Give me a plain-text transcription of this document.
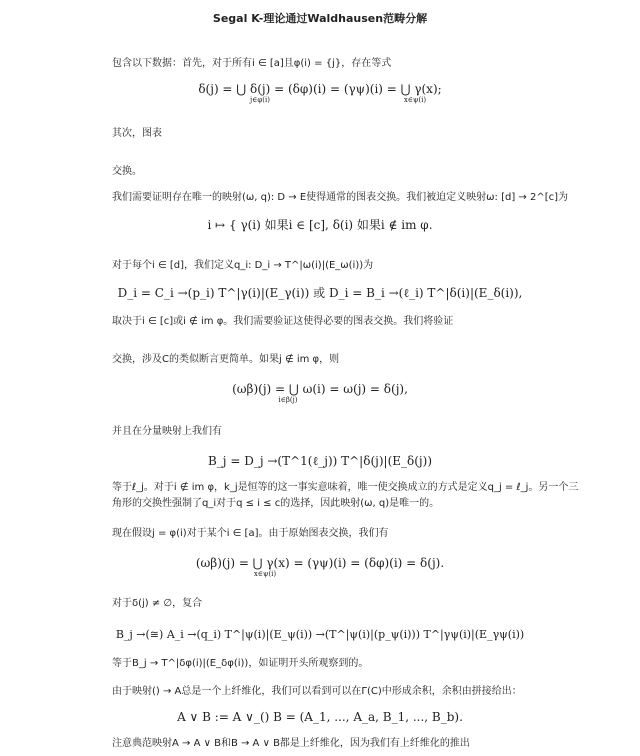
Segal K-理论通过Waldhausen范畴分解
包含以下数据：首先，对于所有i ∈ [a]且φ(i) = {j}，存在等式
δ(j) = ⋃ δ(j) = (δφ)(i) = (γψ)(i) = ⋃ γ(x);
j∈φ(i)	x∈ψ(i)
其次，图表
交换。
我们需要证明存在唯一的映射(ω, q): D → E使得通常的图表交换。我们被迫定义映射ω: [d] → 2^[c]为
i ↦ { γ(i) 如果i ∈ [c], δ(i) 如果i ∉ im φ.
对于每个i ∈ [d]，我们定义q_i: D_i → T^|ω(i)|(E_ω(i))为
D_i = C_i →(p_i) T^|γ(i)|(E_γ(i)) 或 D_i = B_i →(ℓ_i) T^|δ(i)|(E_δ(i)),
取决于i ∈ [c]或i ∉ im φ。我们需要验证这使得必要的图表交换。我们将验证
交换，涉及C的类似断言更简单。如果j ∉ im φ，则
(ωβ)(j) = ⋃ ω(i) = ω(j) = δ(j),
i∈β(j)
并且在分量映射上我们有
B_j = D_j →(T^1(ℓ_j)) T^|δ(j)|(E_δ(j))
等于ℓ_j。对于i ∉ im φ，k_j是恒等的这一事实意味着，唯一使交换成立的方式是定义q_j = ℓ_j。另一个三角形的交换性强制了q_i对于q ≤ i ≤ c的选择，因此映射(ω, q)是唯一的。
现在假设j = φ(i)对于某个i ∈ [a]。由于原始图表交换，我们有
(ωβ)(j) = ⋃ γ(x) = (γψ)(i) = (δφ)(i) = δ(j).
x∈ψ(i)
对于δ(j) ≠ ∅，复合
B_j →(≅) A_i →(q_i) T^|ψ(i)|(E_ψ(i)) →(T^|ψ(i)|(p_ψ(i))) T^|γψ(i)|(E_γψ(i))
等于B_j → T^|δφ(i)|(E_δφ(i))，如证明开头所观察到的。
由于映射() → A总是一个上纤维化，我们可以看到可以在Γ(C)中形成余积，余积由拼接给出：
A ∨ B := A ∨_() B = (A_1, ..., A_a, B_1, ..., B_b).
注意典范映射A → A ∨ B和B → A ∨ B都是上纤维化，因为我们有上纤维化的推出
